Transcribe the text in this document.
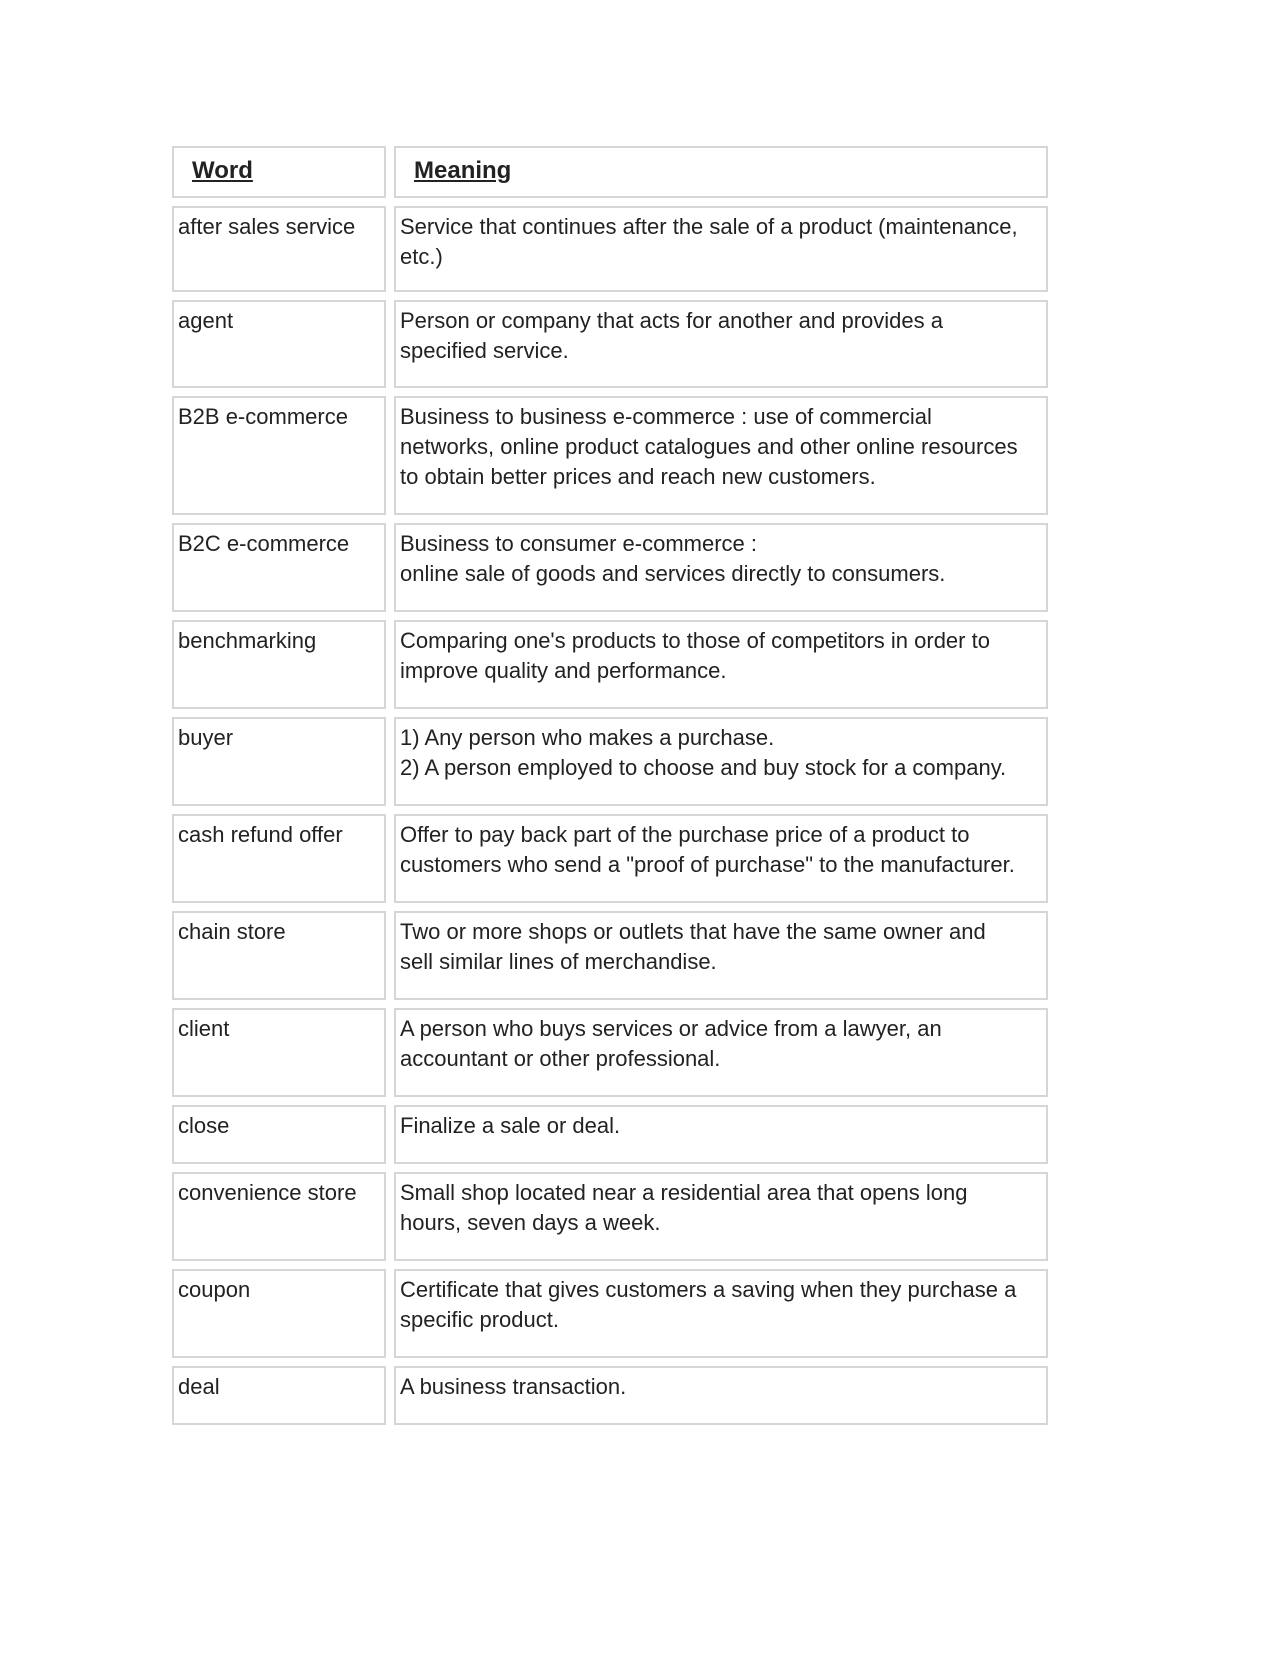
Word	Meaning
after sales service	Service that continues after the sale of a product (maintenance,
etc.)
agent	Person or company that acts for another and provides a
specified service.
B2B e-commerce	Business to business e-commerce : use of commercial
networks, online product catalogues and other online resources
to obtain better prices and reach new customers.
B2C e-commerce	Business to consumer e-commerce :
online sale of goods and services directly to consumers.
benchmarking	Comparing one's products to those of competitors in order to
improve quality and performance.
buyer	1) Any person who makes a purchase.
2) A person employed to choose and buy stock for a company.
cash refund offer	Offer to pay back part of the purchase price of a product to
customers who send a "proof of purchase" to the manufacturer.
chain store	Two or more shops or outlets that have the same owner and
sell similar lines of merchandise.
client	A person who buys services or advice from a lawyer, an
accountant or other professional.
close	Finalize a sale or deal.
convenience store	Small shop located near a residential area that opens long
hours, seven days a week.
coupon	Certificate that gives customers a saving when they purchase a
specific product.
deal	A business transaction.
